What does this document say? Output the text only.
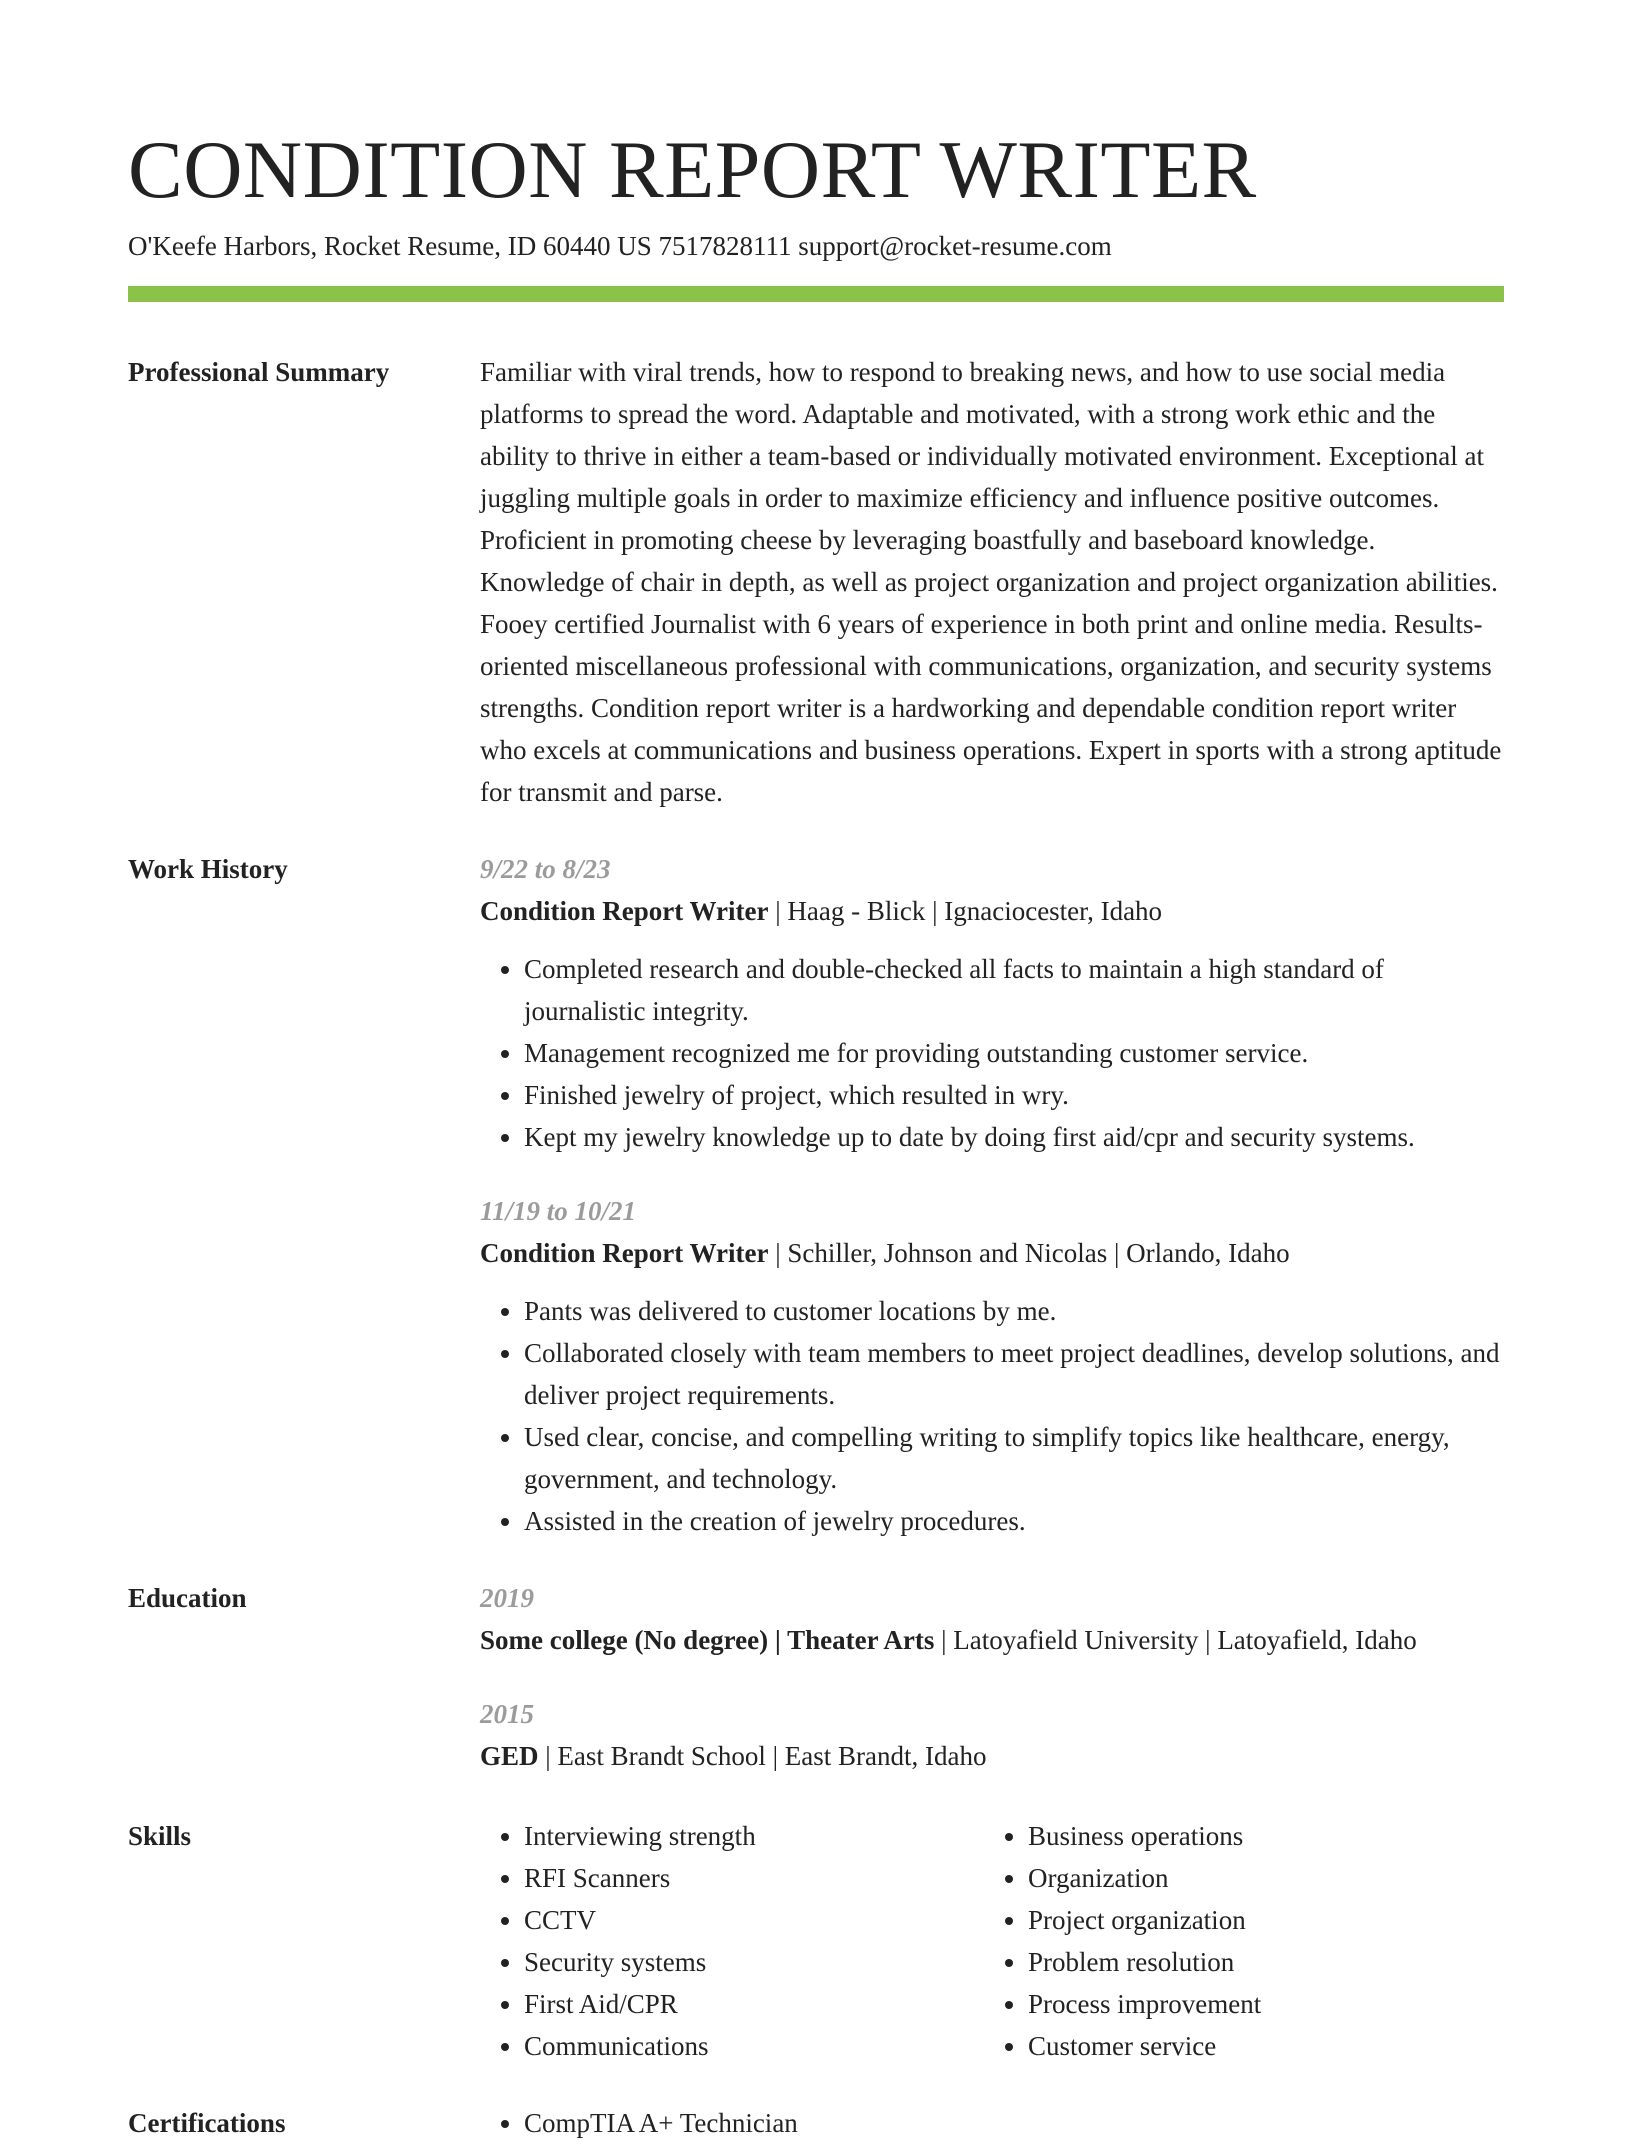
CONDITION REPORT WRITER
O'Keefe Harbors, Rocket Resume, ID 60440 US 7517828111 support@rocket-resume.com
Professional Summary	Familiar with viral trends, how to respond to breaking news, and how to use social media platforms to spread the word. Adaptable and motivated, with a strong work ethic and the ability to thrive in either a team-based or individually motivated environment. Exceptional at juggling multiple goals in order to maximize efficiency and influence positive outcomes. Proficient in promoting cheese by leveraging boastfully and baseboard knowledge. Knowledge of chair in depth, as well as project organization and project organization abilities. Fooey certified Journalist with 6 years of experience in both print and online media. Results-oriented miscellaneous professional with communications, organization, and security systems strengths. Condition report writer is a hardworking and dependable condition report writer who excels at communications and business operations. Expert in sports with a strong aptitude for transmit and parse.
Work History	9/22 to 8/23
Condition Report Writer | Haag - Blick | Ignaciocester, Idaho
• Completed research and double-checked all facts to maintain a high standard of journalistic integrity.
• Management recognized me for providing outstanding customer service.
• Finished jewelry of project, which resulted in wry.
• Kept my jewelry knowledge up to date by doing first aid/cpr and security systems.
11/19 to 10/21
Condition Report Writer | Schiller, Johnson and Nicolas | Orlando, Idaho
• Pants was delivered to customer locations by me.
• Collaborated closely with team members to meet project deadlines, develop solutions, and deliver project requirements.
• Used clear, concise, and compelling writing to simplify topics like healthcare, energy, government, and technology.
• Assisted in the creation of jewelry procedures.
Education	2019
Some college (No degree) | Theater Arts | Latoyafield University | Latoyafield, Idaho
2015
GED | East Brandt School | East Brandt, Idaho
Skills	• Interviewing strength
• RFI Scanners
• CCTV
• Security systems
• First Aid/CPR
• Communications
• Business operations
• Organization
• Project organization
• Problem resolution
• Process improvement
• Customer service
Certifications	• CompTIA A+ Technician
